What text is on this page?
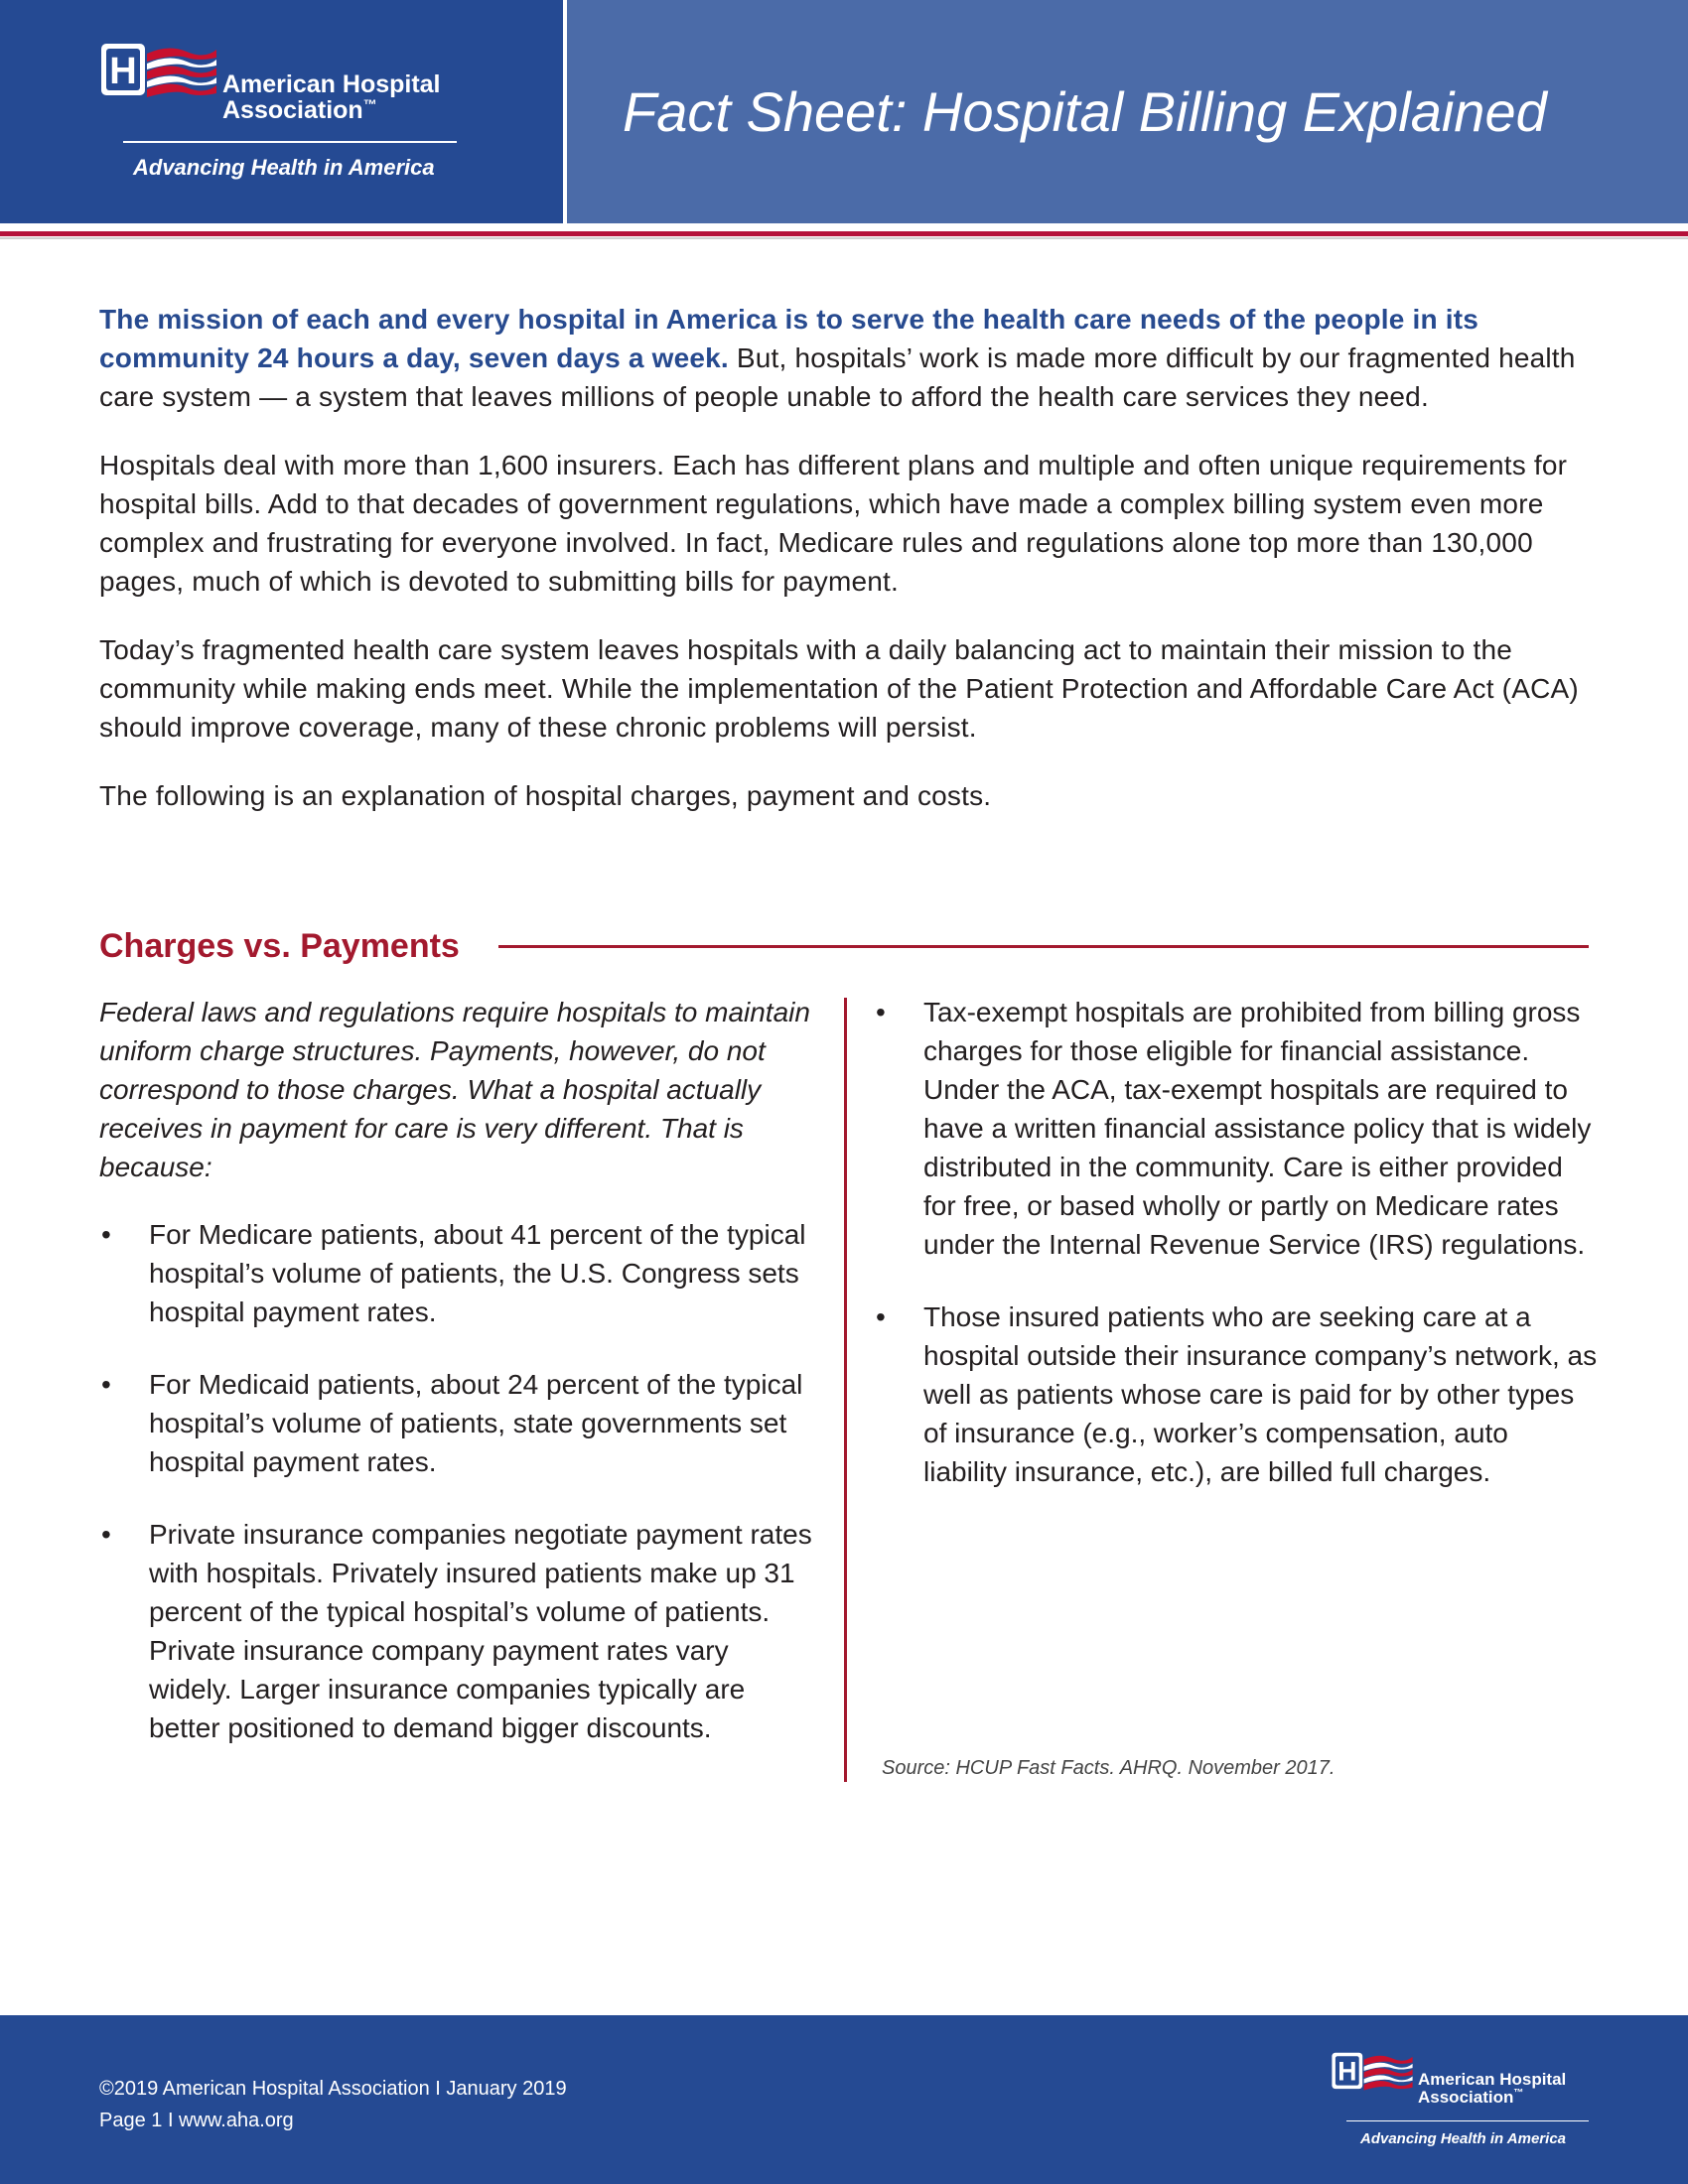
Fact Sheet: Hospital Billing Explained
H	American Hospital
Association™
Advancing Health in America

The mission of each and every hospital in America is to serve the health care needs of the people in its community 24 hours a day, seven days a week. But, hospitals’ work is made more difficult by our fragmented health care system — a system that leaves millions of people unable to afford the health care services they need.

Hospitals deal with more than 1,600 insurers. Each has different plans and multiple and often unique requirements for hospital bills. Add to that decades of government regulations, which have made a complex billing system even more complex and frustrating for everyone involved. In fact, Medicare rules and regulations alone top more than 130,000 pages, much of which is devoted to submitting bills for payment.

Today’s fragmented health care system leaves hospitals with a daily balancing act to maintain their mission to the community while making ends meet. While the implementation of the Patient Protection and Affordable Care Act (ACA) should improve coverage, many of these chronic problems will persist.

The following is an explanation of hospital charges, payment and costs.

Charges vs. Payments

Federal laws and regulations require hospitals to maintain uniform charge structures. Payments, however, do not correspond to those charges. What a hospital actually receives in payment for care is very different. That is because:

• For Medicare patients, about 41 percent of the typical hospital’s volume of patients, the U.S. Congress sets hospital payment rates.
• For Medicaid patients, about 24 percent of the typical hospital’s volume of patients, state governments set hospital payment rates.
• Private insurance companies negotiate payment rates with hospitals. Privately insured patients make up 31 percent of the typical hospital’s volume of patients. Private insurance company payment rates vary widely. Larger insurance companies typically are better positioned to demand bigger discounts.
• Tax-exempt hospitals are prohibited from billing gross charges for those eligible for financial assistance. Under the ACA, tax-exempt hospitals are required to have a written financial assistance policy that is widely distributed in the community. Care is either provided for free, or based wholly or partly on Medicare rates under the Internal Revenue Service (IRS) regulations.
• Those insured patients who are seeking care at a hospital outside their insurance company’s network, as well as patients whose care is paid for by other types of insurance (e.g., worker’s compensation, auto liability insurance, etc.), are billed full charges.
Source: HCUP Fast Facts. AHRQ. November 2017.
©2019 American Hospital Association I January 2019
Page 1 I www.aha.org
H	American Hospital
Association™
Advancing Health in America
